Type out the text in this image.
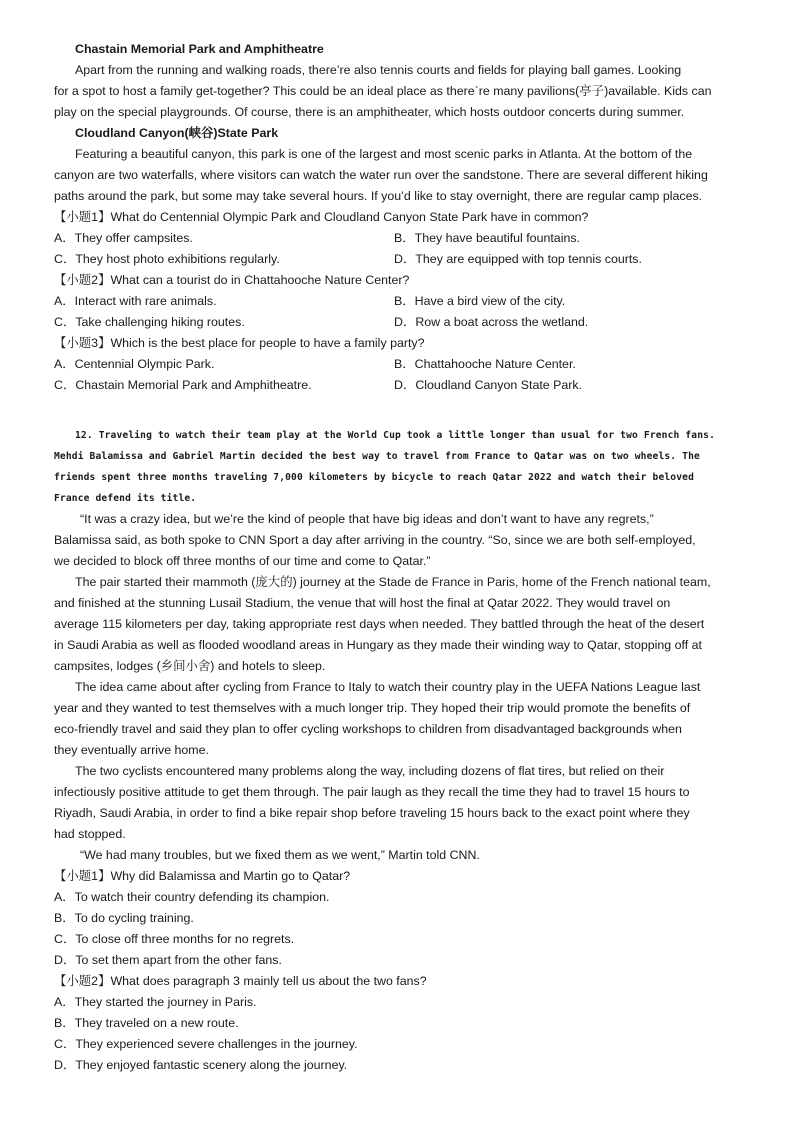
Chastain Memorial Park and Amphitheatre
Apart from the running and walking roads, there’re also tennis courts and fields for playing ball games. Looking
for a spot to host a family get-together? This could be an ideal place as there`re many pavilions(亭子)available. Kids can
play on the special playgrounds. Of course, there is an amphitheater, which hosts outdoor concerts during summer.
Cloudland Canyon(峡谷)State Park
Featuring a beautiful canyon, this park is one of the largest and most scenic parks in Atlanta. At the bottom of the
canyon are two waterfalls, where visitors can watch the water run over the sandstone. There are several different hiking
paths around the park, but some may take several hours. If you’d like to stay overnight, there are regular camp places.
【小题1】What do Centennial Olympic Park and Cloudland Canyon State Park have in common?
A．They offer campsites.	B．They have beautiful fountains.
C．They host photo exhibitions regularly.	D．They are equipped with top tennis courts.
【小题2】What can a tourist do in Chattahooche Nature Center?
A．Interact with rare animals.	B．Have a bird view of the city.
C．Take challenging hiking routes.	D．Row a boat across the wetland.
【小题3】Which is the best place for people to have a family party?
A．Centennial Olympic Park.	B．Chattahooche Nature Center.
C．Chastain Memorial Park and Amphitheatre.	D．Cloudland Canyon State Park.
12. Traveling to watch their team play at the World Cup took a little longer than usual for two French fans.
Mehdi Balamissa and Gabriel Martin decided the best way to travel from France to Qatar was on two wheels. The
friends spent three months traveling 7,000 kilometers by bicycle to reach Qatar 2022 and watch their beloved
France defend its title.
“It was a crazy idea, but we’re the kind of people that have big ideas and don’t want to have any regrets,”
Balamissa said, as both spoke to CNN Sport a day after arriving in the country. “So, since we are both self-employed,
we decided to block off three months of our time and come to Qatar.”
The pair started their mammoth (庞大的) journey at the Stade de France in Paris, home of the French national team,
and finished at the stunning Lusail Stadium, the venue that will host the final at Qatar 2022. They would travel on
average 115 kilometers per day, taking appropriate rest days when needed. They battled through the heat of the desert
in Saudi Arabia as well as flooded woodland areas in Hungary as they made their winding way to Qatar, stopping off at
campsites, lodges (乡间小舍) and hotels to sleep.
The idea came about after cycling from France to Italy to watch their country play in the UEFA Nations League last
year and they wanted to test themselves with a much longer trip. They hoped their trip would promote the benefits of
eco-friendly travel and said they plan to offer cycling workshops to children from disadvantaged backgrounds when
they eventually arrive home.
The two cyclists encountered many problems along the way, including dozens of flat tires, but relied on their
infectiously positive attitude to get them through. The pair laugh as they recall the time they had to travel 15 hours to
Riyadh, Saudi Arabia, in order to find a bike repair shop before traveling 15 hours back to the exact point where they
had stopped.
“We had many troubles, but we fixed them as we went,” Martin told CNN.
【小题1】Why did Balamissa and Martin go to Qatar?
A．To watch their country defending its champion.
B．To do cycling training.
C．To close off three months for no regrets.
D．To set them apart from the other fans.
【小题2】What does paragraph 3 mainly tell us about the two fans?
A．They started the journey in Paris.
B．They traveled on a new route.
C．They experienced severe challenges in the journey.
D．They enjoyed fantastic scenery along the journey.
